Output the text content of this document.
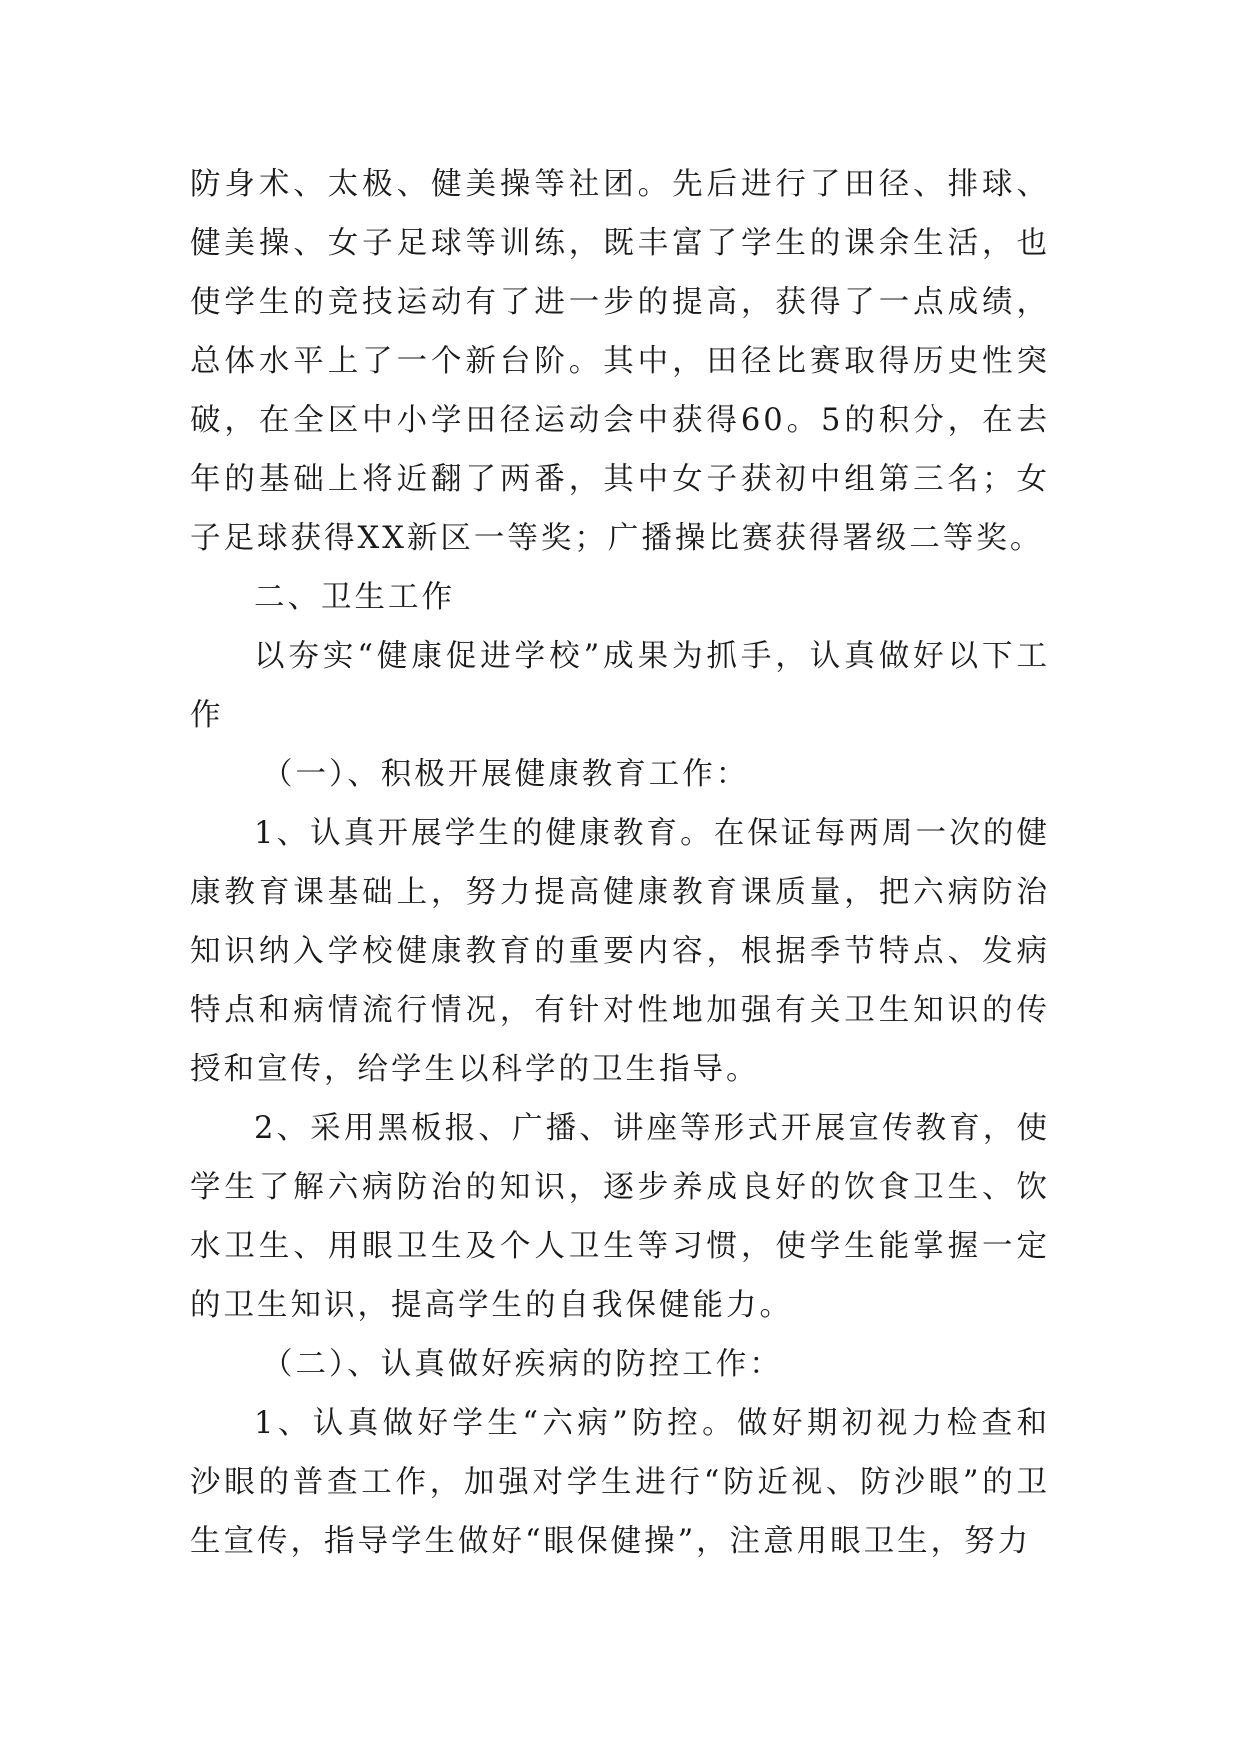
防身术、太极、健美操等社团。先后进行了田径、排球、健美操、女子足球等训练，既丰富了学生的课余生活，也使学生的竞技运动有了进一步的提高，获得了一点成绩，总体水平上了一个新台阶。其中，田径比赛取得历史性突破，在全区中小学田径运动会中获得60。5的积分，在去年的基础上将近翻了两番，其中女子获初中组第三名；女子足球获得XX新区一等奖；广播操比赛获得署级二等奖。

二、卫生工作

以夯实“健康促进学校”成果为抓手，认真做好以下工作

（一）、积极开展健康教育工作：

1、认真开展学生的健康教育。在保证每两周一次的健康教育课基础上，努力提高健康教育课质量，把六病防治知识纳入学校健康教育的重要内容，根据季节特点、发病特点和病情流行情况，有针对性地加强有关卫生知识的传授和宣传，给学生以科学的卫生指导。

2、采用黑板报、广播、讲座等形式开展宣传教育，使学生了解六病防治的知识，逐步养成良好的饮食卫生、饮水卫生、用眼卫生及个人卫生等习惯，使学生能掌握一定的卫生知识，提高学生的自我保健能力。

（二）、认真做好疾病的防控工作：

1、认真做好学生“六病”防控。做好期初视力检查和沙眼的普查工作，加强对学生进行“防近视、防沙眼”的卫生宣传，指导学生做好“眼保健操”，注意用眼卫生，努力
